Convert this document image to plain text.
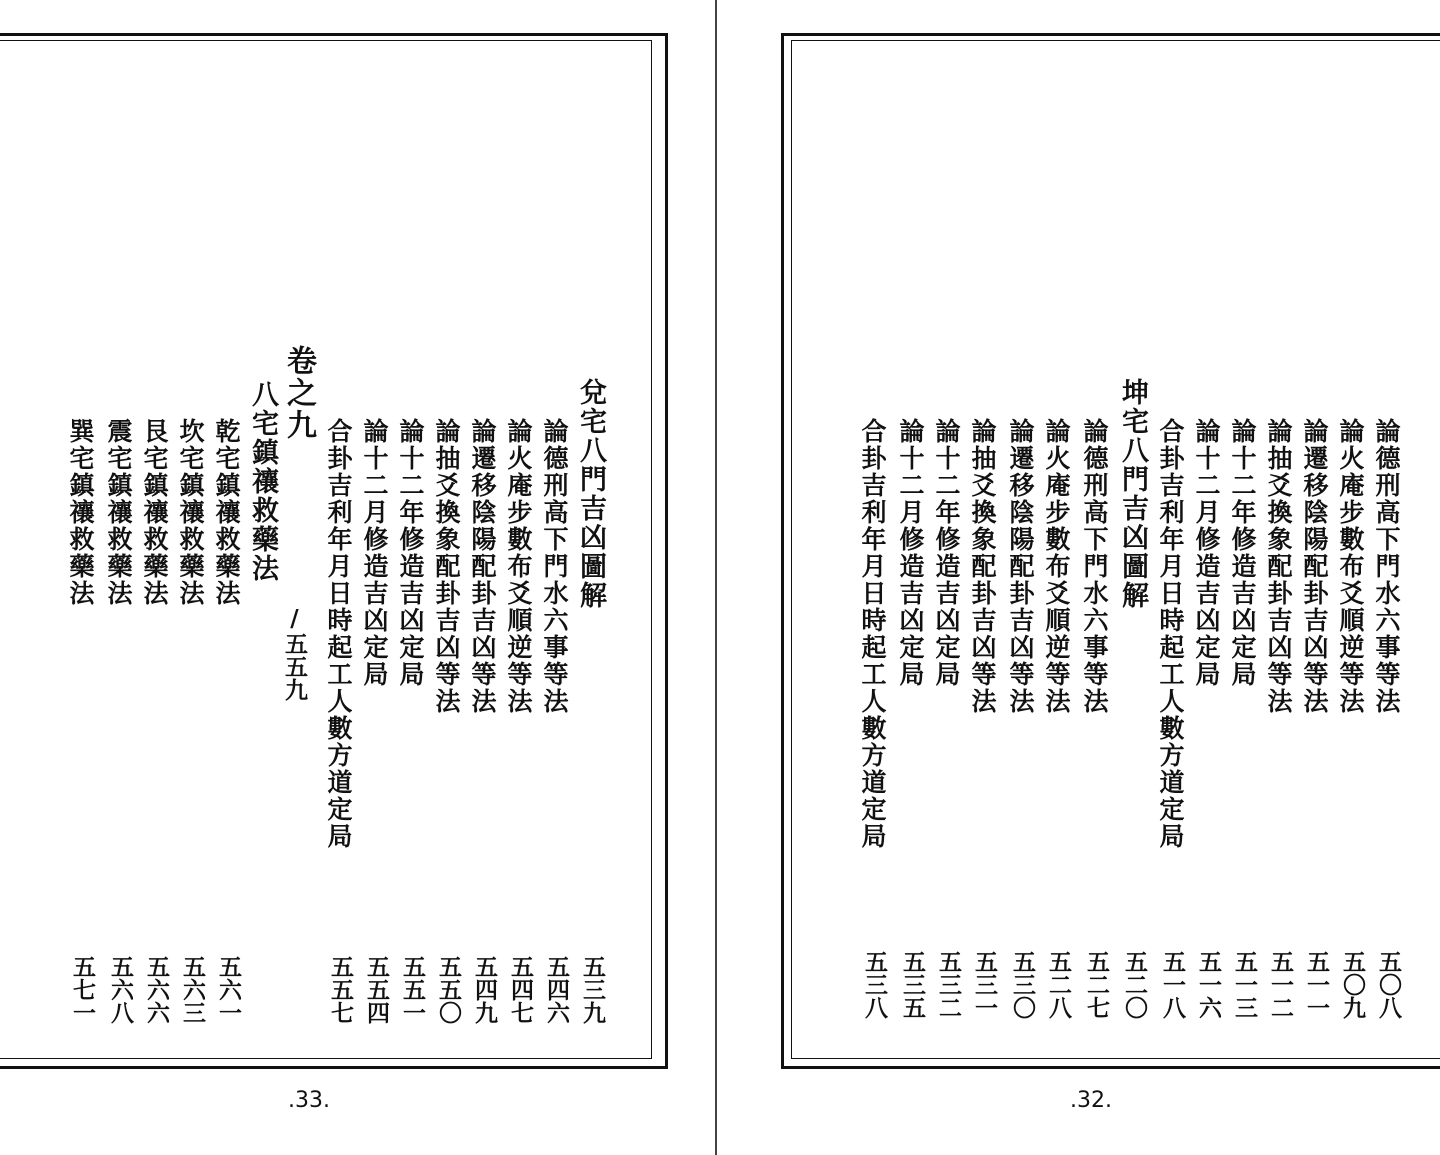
兌宅八門吉凶圖解
五三九
論德刑高下門水六事等法
五四六
論火庵步數布爻順逆等法
五四七
論遷移陰陽配卦吉凶等法
五四九
論抽爻換象配卦吉凶等法
五五〇
論十二年修造吉凶定局
五五一
論十二月修造吉凶定局
五五四
合卦吉利年月日時起工人數方道定局
五五七
卷之九
八宅鎮禳救藥法
/五五九
乾宅鎮禳救藥法
五六一
坎宅鎮禳救藥法
五六三
艮宅鎮禳救藥法
五六六
震宅鎮禳救藥法
五六八
巽宅鎮禳救藥法
五七一
.33.
論德刑高下門水六事等法
五〇八
論火庵步數布爻順逆等法
五〇九
論遷移陰陽配卦吉凶等法
五一一
論抽爻換象配卦吉凶等法
五一二
論十二年修造吉凶定局
五一三
論十二月修造吉凶定局
五一六
合卦吉利年月日時起工人數方道定局
五一八
坤宅八門吉凶圖解
五二〇
論德刑高下門水六事等法
五二七
論火庵步數布爻順逆等法
五二八
論遷移陰陽配卦吉凶等法
五三〇
論抽爻換象配卦吉凶等法
五三一
論十二年修造吉凶定局
五三二
論十二月修造吉凶定局
五三五
合卦吉利年月日時起工人數方道定局
五三八
.32.
